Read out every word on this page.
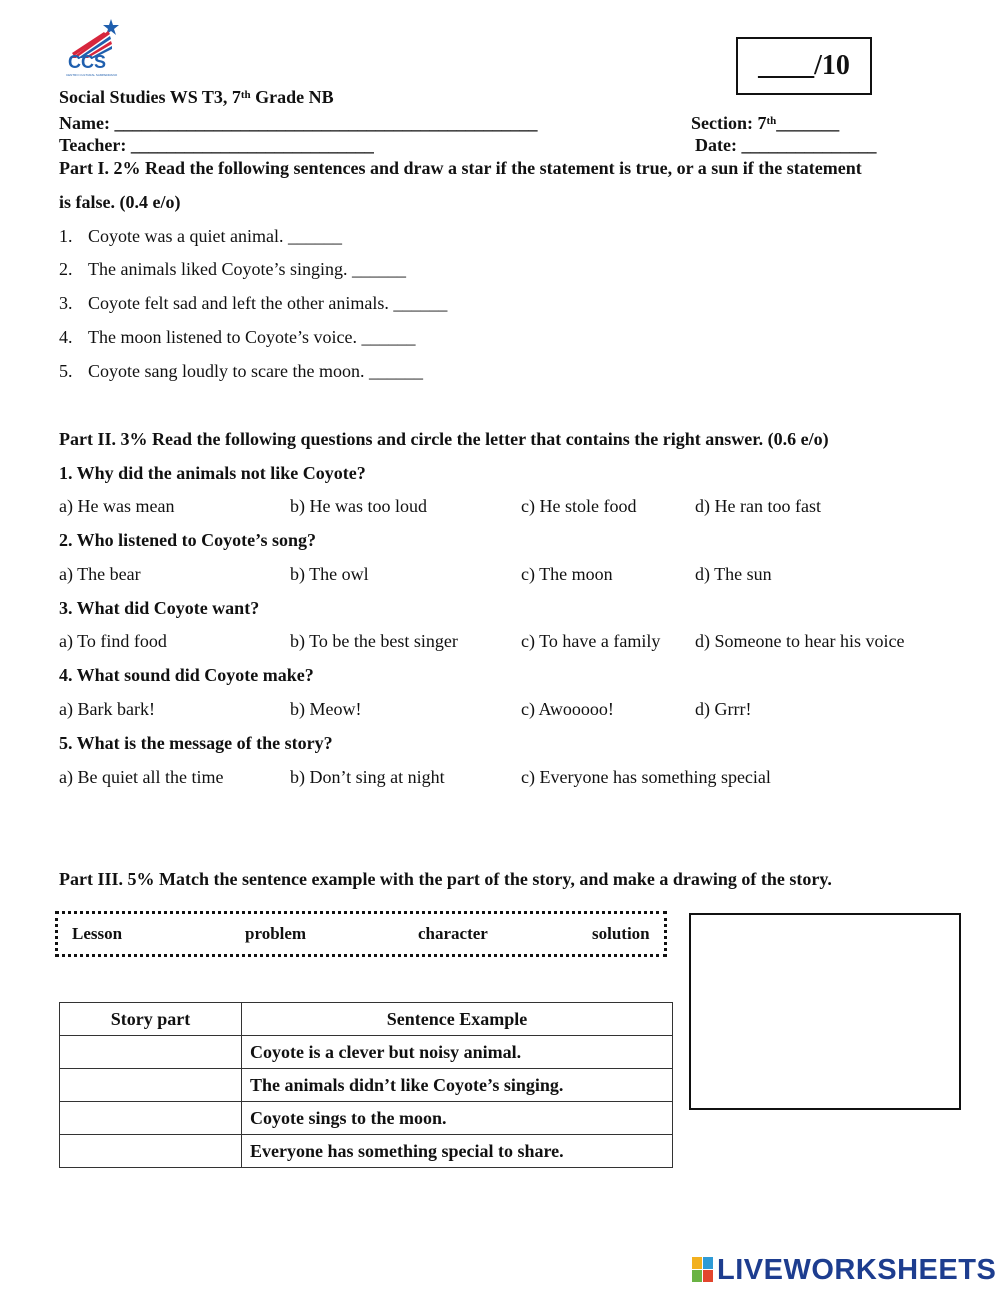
CCS
CENTRO CULTURAL SAMPEDRANO	____/10
Social Studies WS T3, 7th Grade NB
Name: _______________________________________________	Section: 7th_______
Teacher: ___________________________	Date: _______________
Part I. 2% Read the following sentences and draw a star if the statement is true, or a sun if the statement
is false. (0.4 e/o)
1. Coyote was a quiet animal. ______
2. The animals liked Coyote’s singing. ______
3. Coyote felt sad and left the other animals. ______
4. The moon listened to Coyote’s voice. ______
5. Coyote sang loudly to scare the moon. ______
Part II. 3% Read the following questions and circle the letter that contains the right answer. (0.6 e/o)
1. Why did the animals not like Coyote?
a) He was mean	b) He was too loud	c) He stole food	d) He ran too fast
2. Who listened to Coyote’s song?
a) The bear	b) The owl	c) The moon	d) The sun
3. What did Coyote want?
a) To find food	b) To be the best singer	c) To have a family d) Someone to hear his voice
4. What sound did Coyote make?
a) Bark bark!	b) Meow!	c) Awooooo!	d) Grrr!
5. What is the message of the story?
a) Be quiet all the time	b) Don’t sing at night	c) Everyone has something special
Part III. 5% Match the sentence example with the part of the story, and make a drawing of the story.
Lesson	problem	character	solution
Story part	Sentence Example
	Coyote is a clever but noisy animal.
	The animals didn’t like Coyote’s singing.
	Coyote sings to the moon.
	Everyone has something special to share.
LIVEWORKSHEETS
